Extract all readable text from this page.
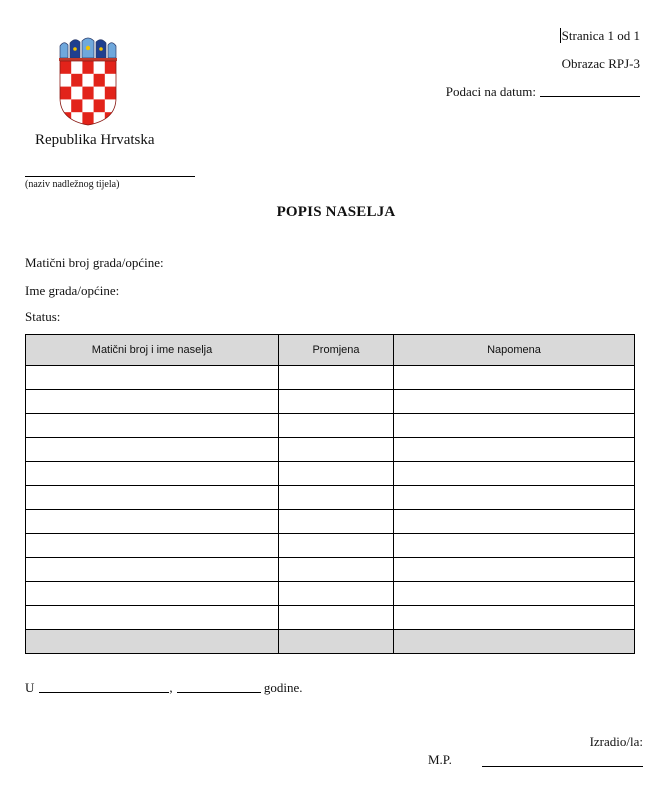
Stranica 1 od 1
Obrazac RPJ-3
Podaci na datum:
Republika Hrvatska
(naziv nadležnog tijela)
POPIS NASELJA
Matični broj grada/općine:
Ime grada/općine:
Status:
Matični broj i ime naselja	Promjena	Napomena

U	,	godine.
Izradio/la:
M.P.
